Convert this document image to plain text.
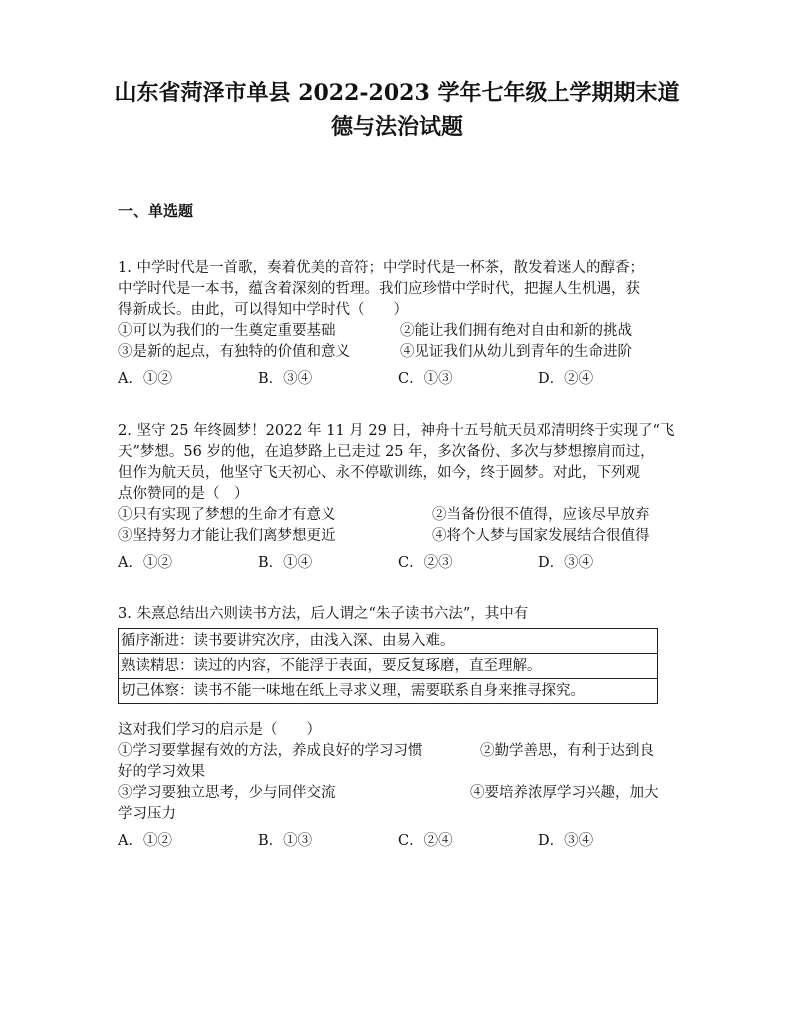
山东省菏泽市单县 2022-2023 学年七年级上学期期末道
德与法治试题
一、单选题
1. 中学时代是一首歌，奏着优美的音符；中学时代是一杯茶，散发着迷人的醇香；
中学时代是一本书，蕴含着深刻的哲理。我们应珍惜中学时代，把握人生机遇，获
得新成长。由此，可以得知中学时代（　　）
①可以为我们的一生奠定重要基础	②能让我们拥有绝对自由和新的挑战
③是新的起点，有独特的价值和意义	④见证我们从幼儿到青年的生命进阶
A．①②	B．③④	C．①③	D．②④
2. 坚守 25 年终圆梦！2022 年 11 月 29 日，神舟十五号航天员邓清明终于实现了“飞
天”梦想。56 岁的他，在追梦路上已走过 25 年，多次备份、多次与梦想擦肩而过，
但作为航天员，他坚守飞天初心、永不停歇训练，如今，终于圆梦。对此，下列观
点你赞同的是（　）
①只有实现了梦想的生命才有意义	②当备份很不值得，应该尽早放弃
③坚持努力才能让我们离梦想更近	④将个人梦与国家发展结合很值得
A．①②	B．①④	C．②③	D．③④
3. 朱熹总结出六则读书方法，后人谓之“朱子读书六法”，其中有
循序渐进：读书要讲究次序，由浅入深、由易入难。
熟读精思：读过的内容，不能浮于表面，要反复琢磨，直至理解。
切己体察：读书不能一味地在纸上寻求义理，需要联系自身来推寻探究。
这对我们学习的启示是（　　）
①学习要掌握有效的方法，养成良好的学习习惯	②勤学善思，有利于达到良
好的学习效果
③学习要独立思考，少与同伴交流	④要培养浓厚学习兴趣，加大
学习压力
A．①②	B．①③	C．②④	D．③④
